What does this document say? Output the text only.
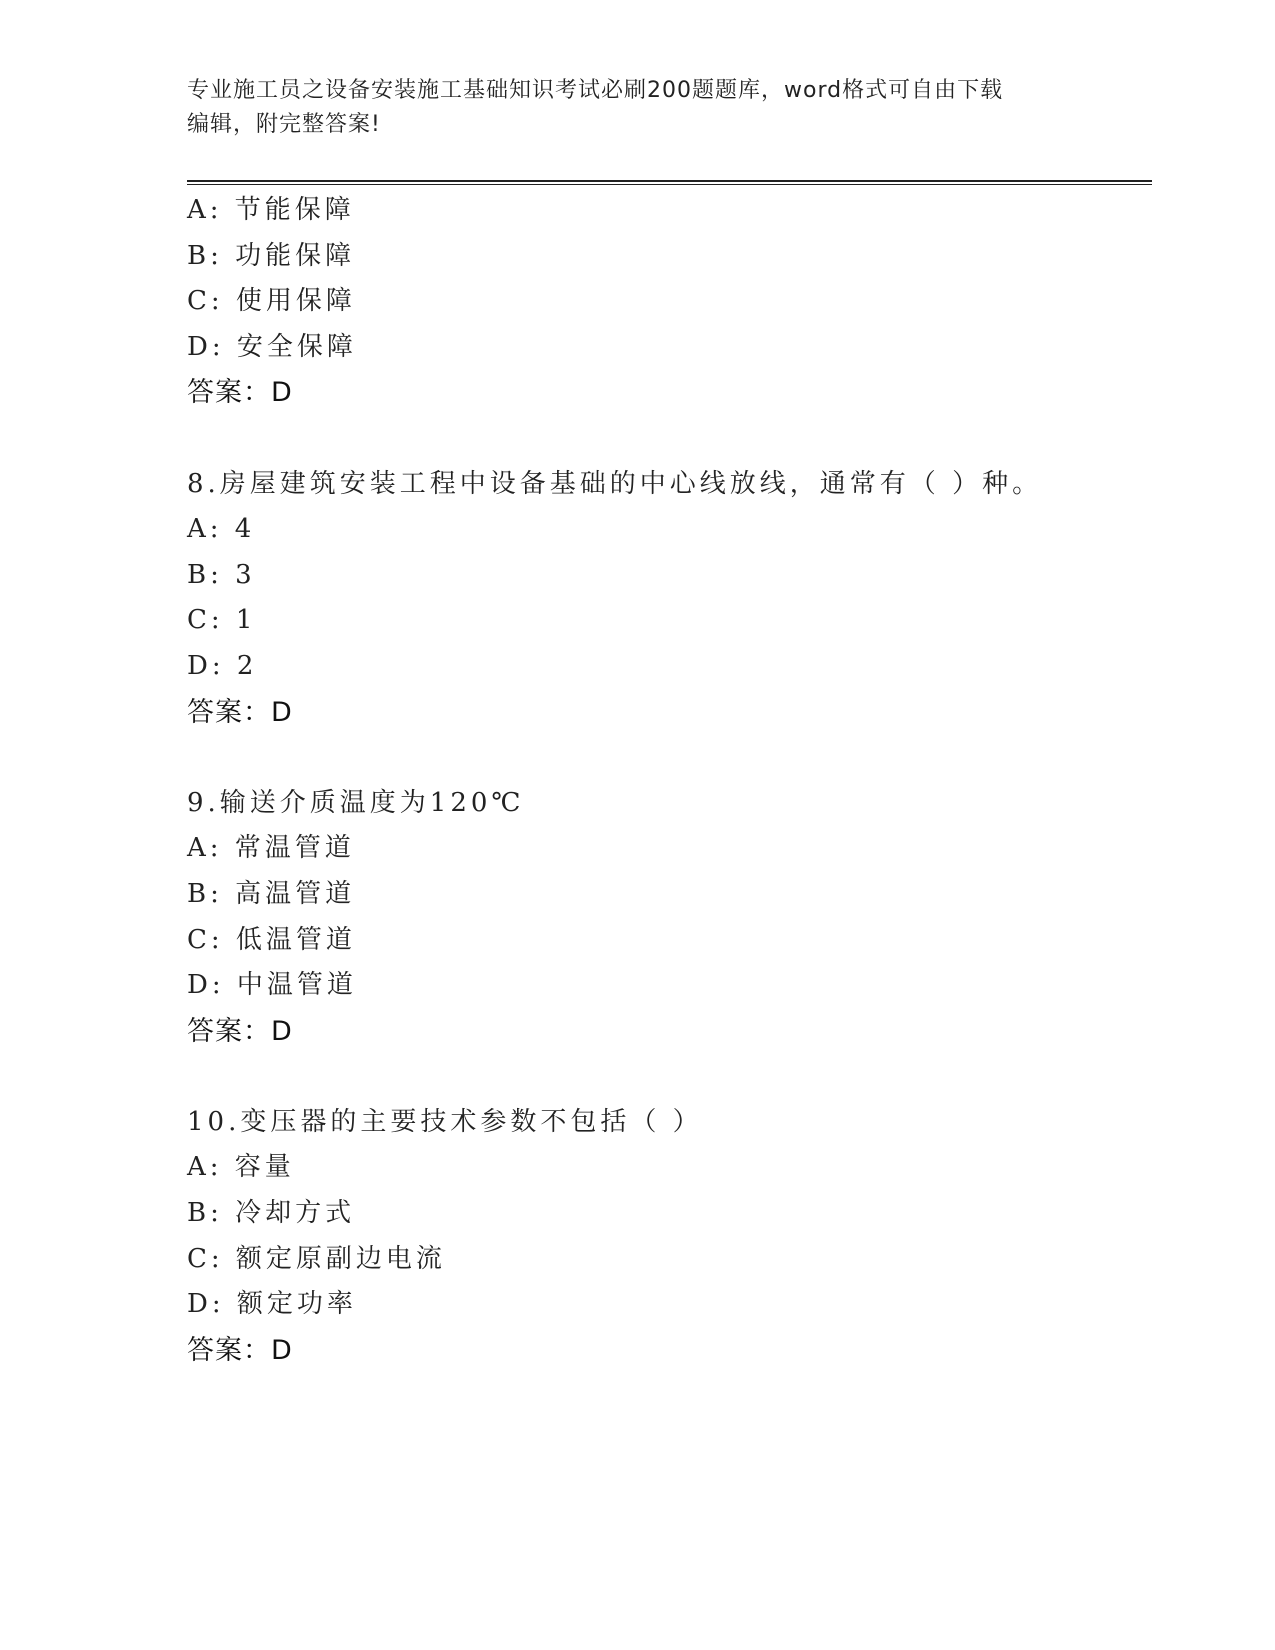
专业施工员之设备安装施工基础知识考试必刷200题题库，word格式可自由下载
编辑，附完整答案!
A: 节能保障
B: 功能保障
C: 使用保障
D: 安全保障
答案：D
8.房屋建筑安装工程中设备基础的中心线放线，通常有（ ）种。
A: 4
B: 3
C: 1
D: 2
答案：D
9.输送介质温度为120℃
A: 常温管道
B: 高温管道
C: 低温管道
D: 中温管道
答案：D
10.变压器的主要技术参数不包括（ ）
A: 容量
B: 冷却方式
C: 额定原副边电流
D: 额定功率
答案：D
